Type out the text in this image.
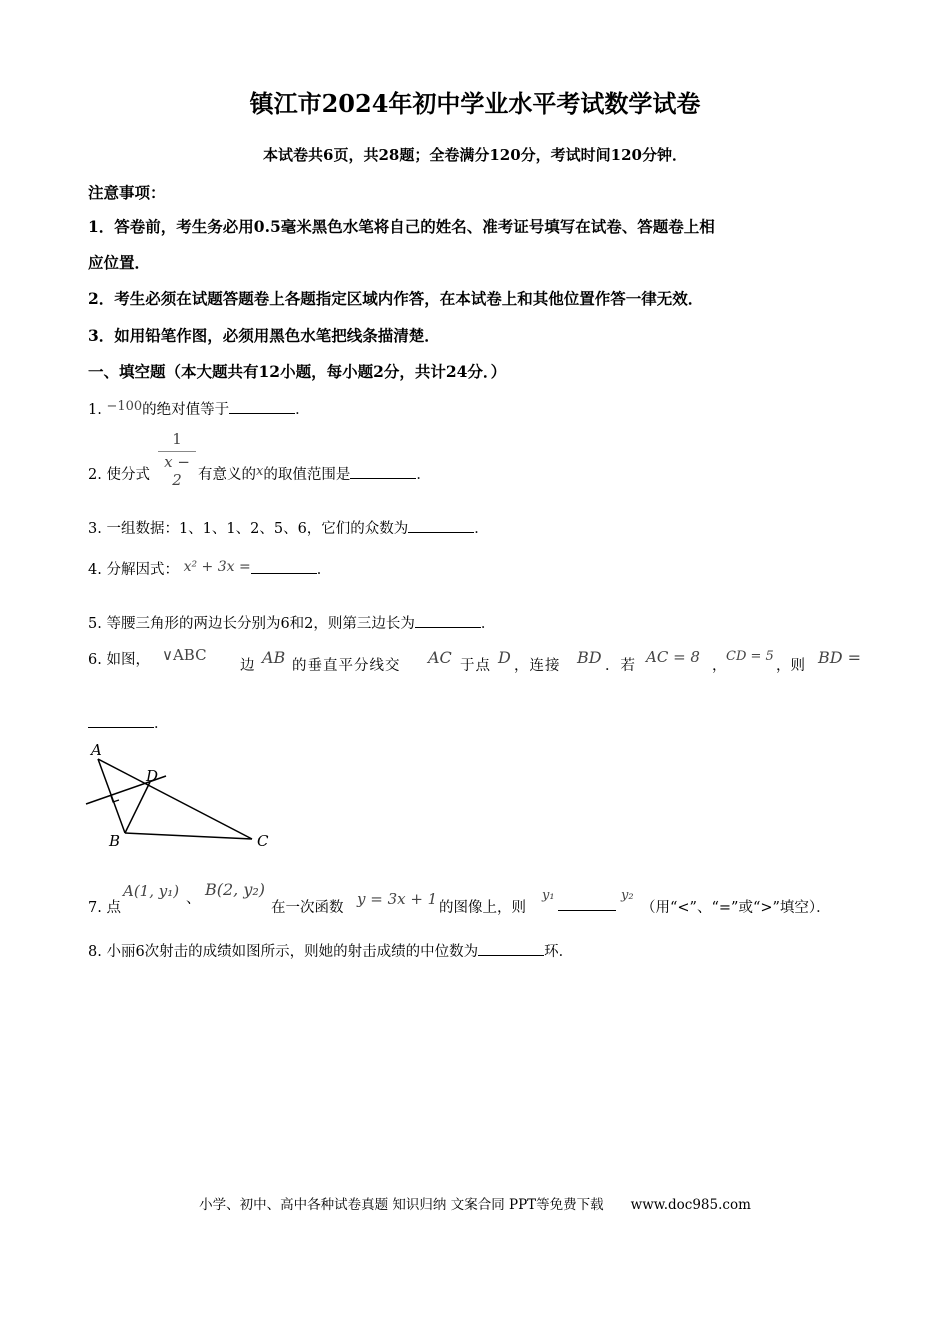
镇江市2024年初中学业水平考试数学试卷
本试卷共6页，共28题；全卷满分120分，考试时间120分钟．
注意事项：
1．答卷前，考生务必用0.5毫米黑色水笔将自己的姓名、准考证号填写在试卷、答题卷上相
应位置．
2．考生必须在试题答题卷上各题指定区域内作答，在本试卷上和其他位置作答一律无效．
3．如用铅笔作图，必须用黑色水笔把线条描清楚．
一、填空题（本大题共有12小题，每小题2分，共计24分．）
1. −100的绝对值等于	．
2. 使分式
1
x − 2	有意义的x的取值范围是	．
3. 一组数据：1、1、1、2、5、6，它们的众数为	．
4. 分解因式： x² + 3x =	．
5. 等腰三角形的两边长分别为6和2，则第三边长为	．
6. 如图， ∨ABC
边 AB 的垂直平分线交 AC 于点 D ，连接 BD ．若 AC = 8 ，
CD = 5
，则 BD =
．
A
D
B	C
7. 点
A(1, y₁) 、 B(2, y₂)
在一次函数 y = 3x + 1 的图像上，则
y₁	y₂
（用“<”、“=”或“>”填空）．
8. 小丽6次射击的成绩如图所示，则她的射击成绩的中位数为	环．
小学、初中、高中各种试卷真题 知识归纳 文案合同 PPT等免费下载　　www.doc985.com
